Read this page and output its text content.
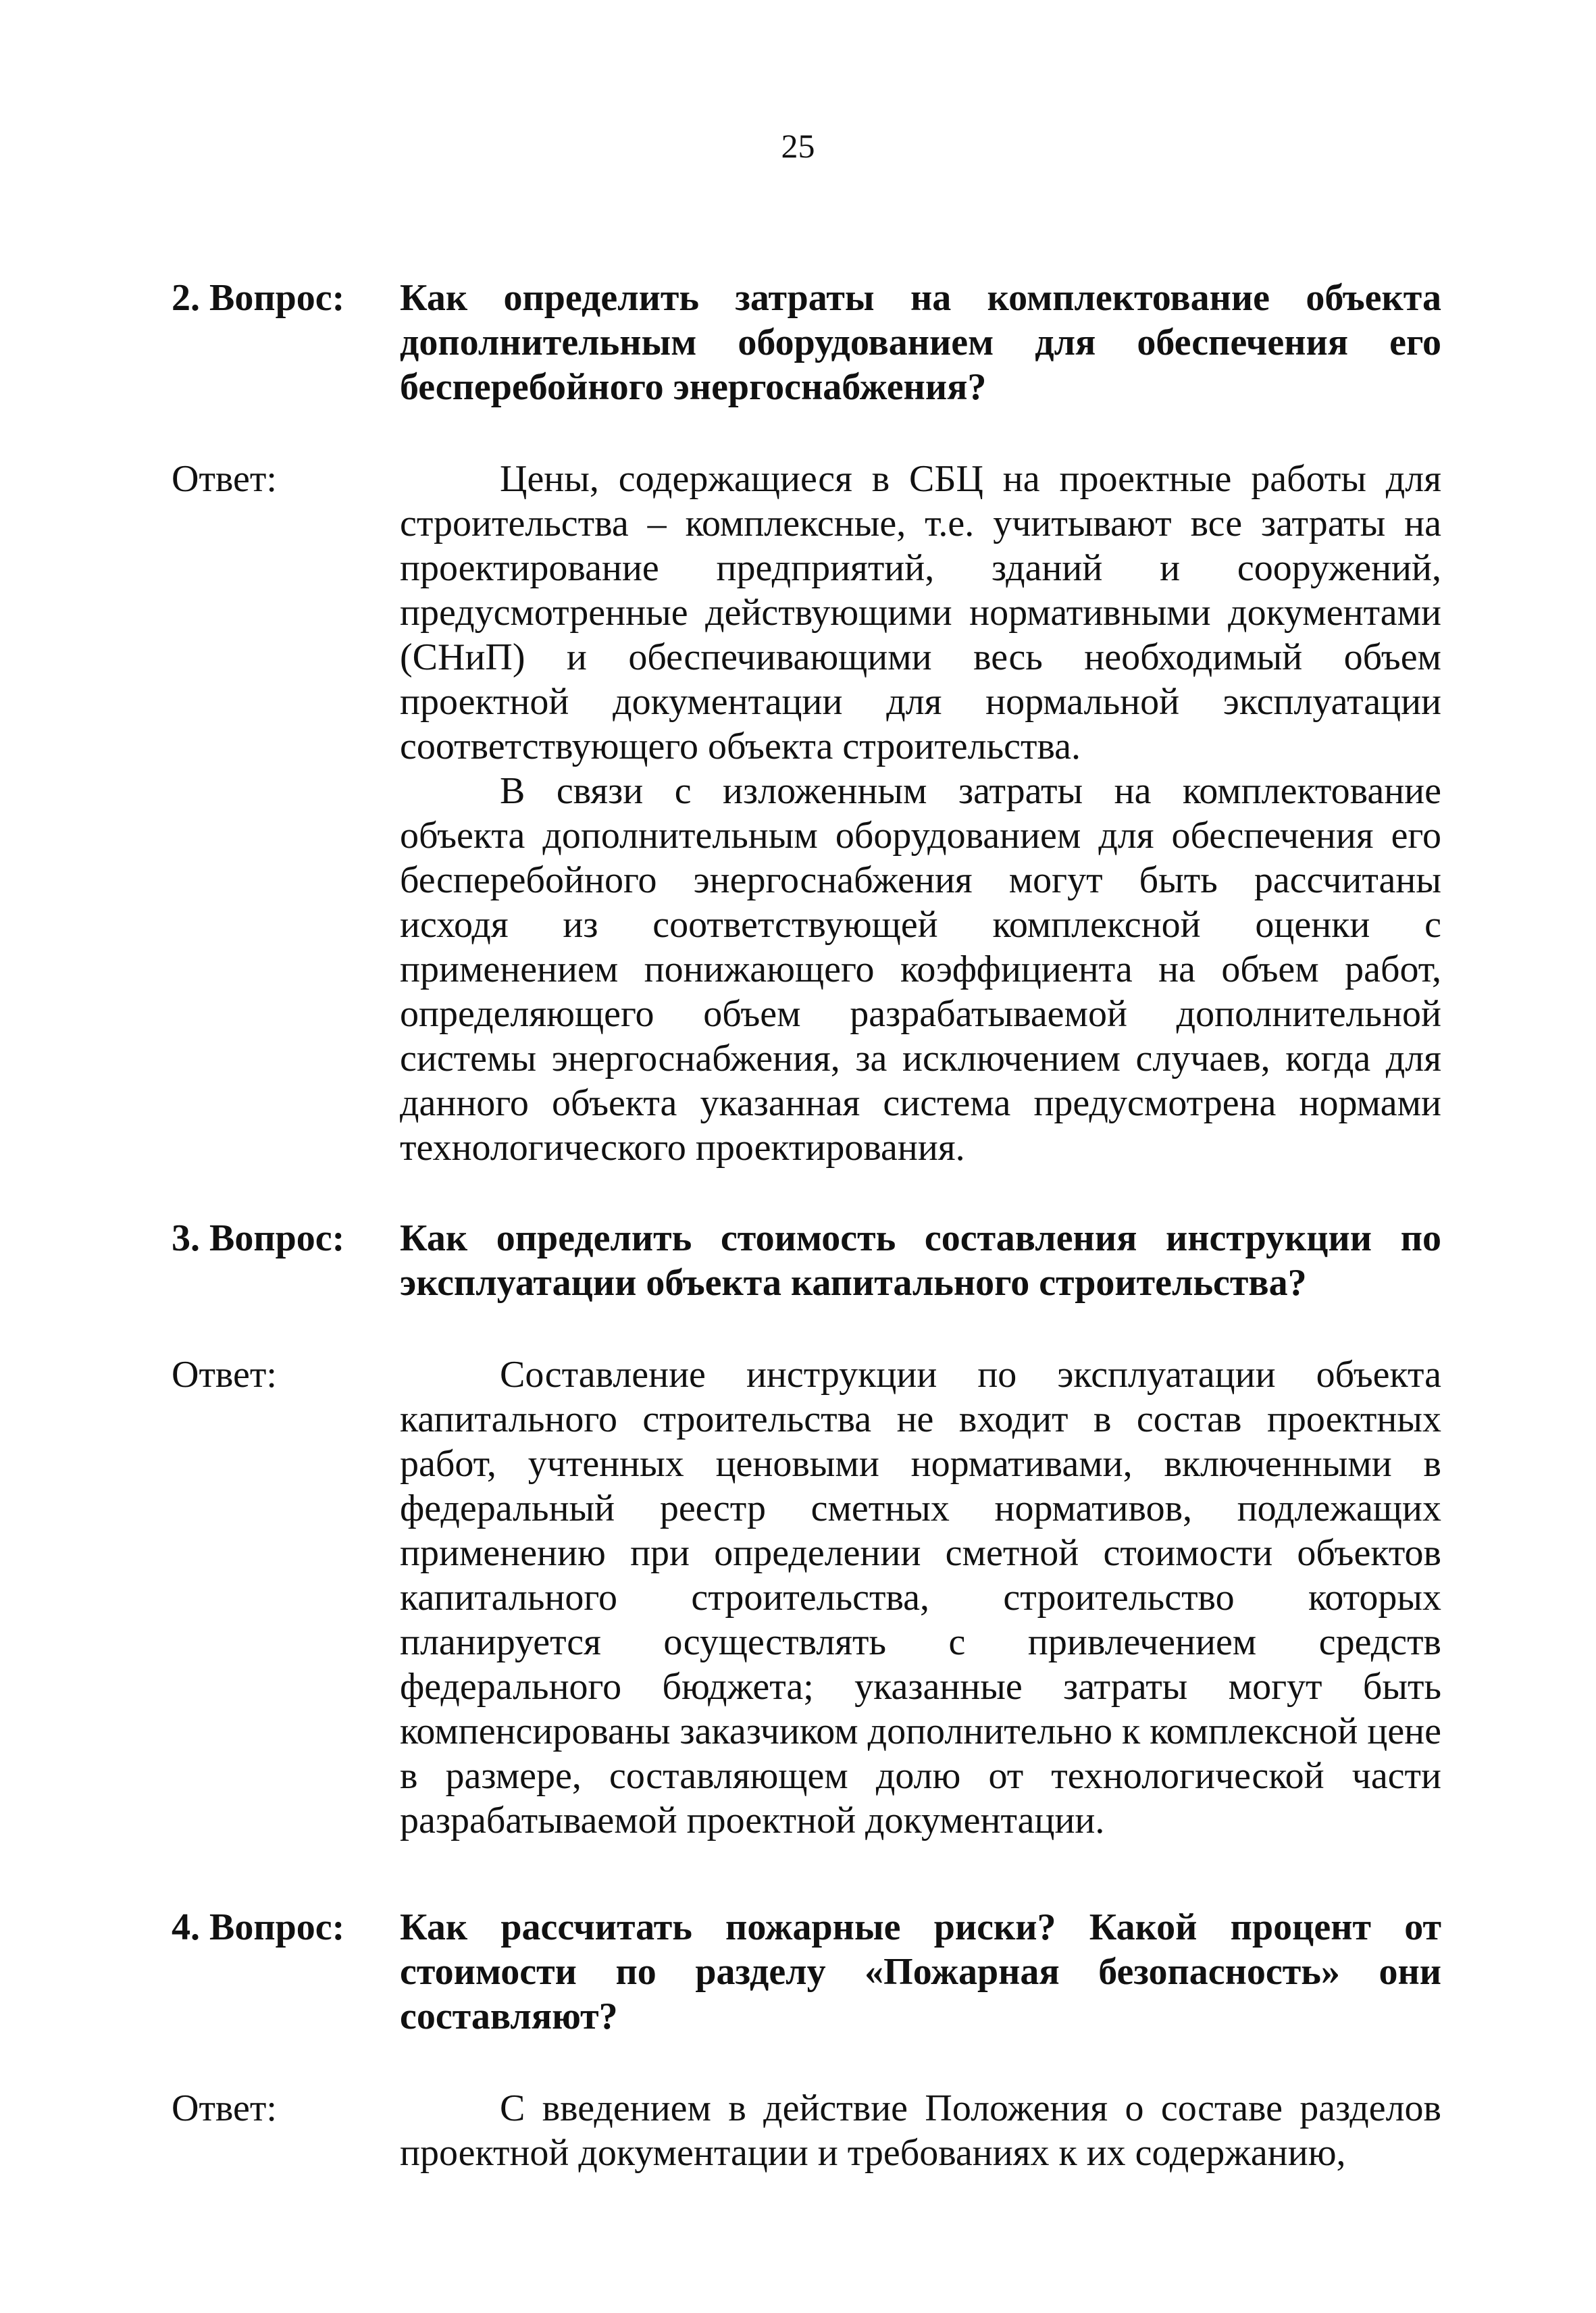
25
2. Вопрос:	Как определить затраты на комплектование объекта дополнительным оборудованием для обеспечения его бесперебойного энергоснабжения?
Ответ:	Цены, содержащиеся в СБЦ на проектные работы для строительства – комплексные, т.е. учитывают все затраты на проектирование предприятий, зданий и сооружений, предусмотренные действующими нормативными документами (СНиП) и обеспечивающими весь необходимый объем проектной документации для нормальной эксплуатации соответствующего объекта строительства.

В связи с изложенным затраты на комплектование объекта дополнительным оборудованием для обеспечения его бесперебойного энергоснабжения могут быть рассчитаны исходя из соответствующей комплексной оценки с применением понижающего коэффициента на объем работ, определяющего объем разрабатываемой дополнительной системы энергоснабжения, за исключением случаев, когда для данного объекта указанная система предусмотрена нормами технологического проектирования.

3. Вопрос:	Как определить стоимость составления инструкции по эксплуатации объекта капитального строительства?
Ответ:	Составление инструкции по эксплуатации объекта капитального строительства не входит в состав проектных работ, учтенных ценовыми нормативами, включенными в федеральный реестр сметных нормативов, подлежащих применению при определении сметной стоимости объектов капитального строительства, строительство которых планируется осуществлять с привлечением средств федерального бюджета; указанные затраты могут быть компенсированы заказчиком дополнительно к комплексной цене в размере, составляющем долю от технологической части разрабатываемой проектной документации.

4. Вопрос:	Как рассчитать пожарные риски? Какой процент от стоимости по разделу «Пожарная безопасность» они составляют?
Ответ:	С введением в действие Положения о составе разделов проектной документации и требованиях к их содержанию,
